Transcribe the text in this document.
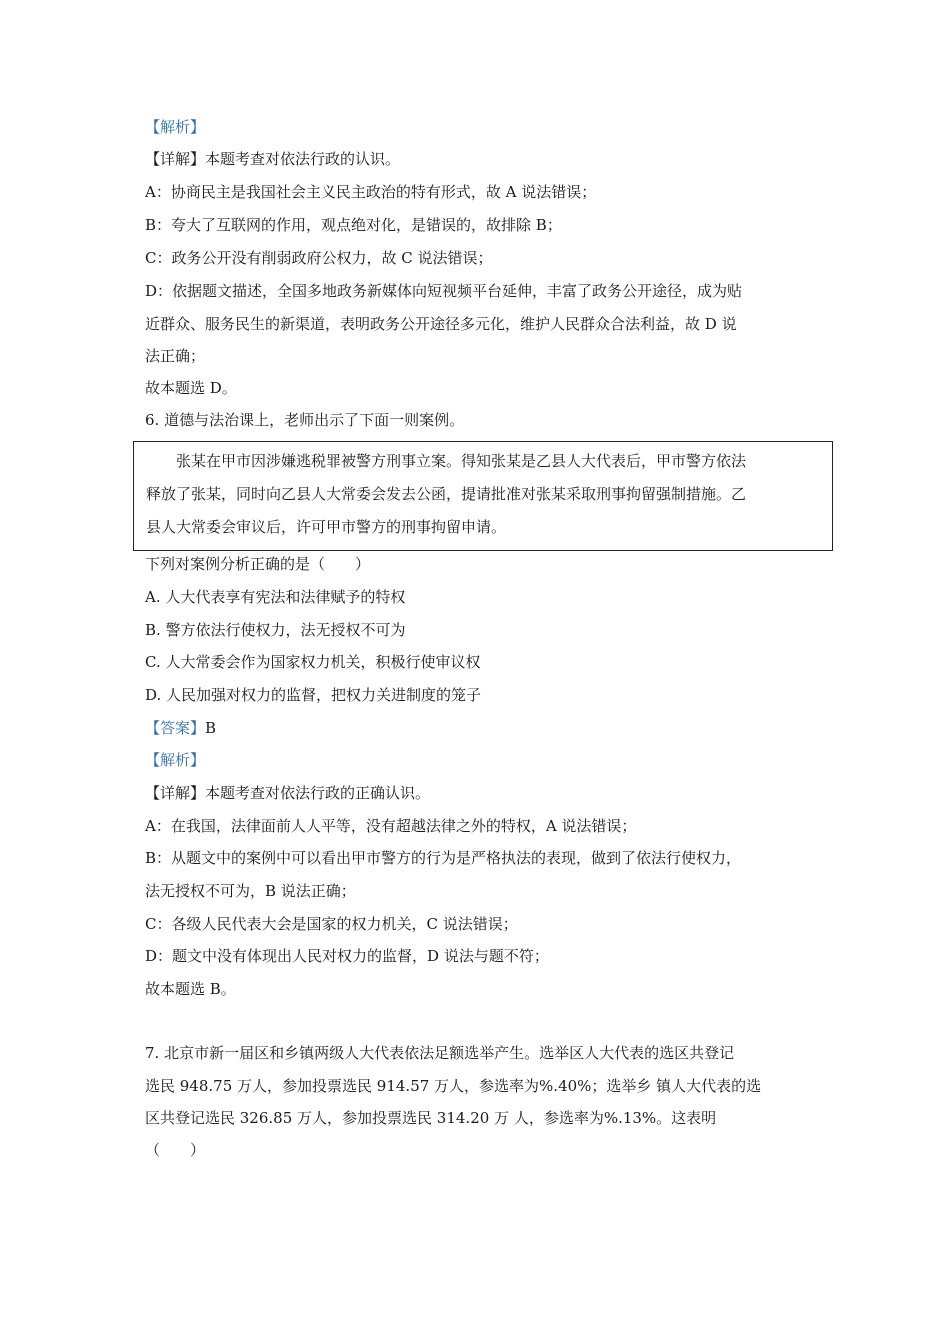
【解析】
【详解】本题考查对依法行政的认识。
A：协商民主是我国社会主义民主政治的特有形式，故 A 说法错误；
B：夸大了互联网的作用，观点绝对化，是错误的，故排除 B；
C：政务公开没有削弱政府公权力，故 C 说法错误；
D：依据题文描述，全国多地政务新媒体向短视频平台延伸，丰富了政务公开途径，成为贴
近群众、服务民生的新渠道，表明政务公开途径多元化，维护人民群众合法利益，故 D 说
法正确；
故本题选 D。
6. 道德与法治课上，老师出示了下面一则案例。
张某在甲市因涉嫌逃税罪被警方刑事立案。得知张某是乙县人大代表后，甲市警方依法
释放了张某，同时向乙县人大常委会发去公函，提请批准对张某采取刑事拘留强制措施。乙
县人大常委会审议后，许可甲市警方的刑事拘留申请。
下列对案例分析正确的是（　　）
A. 人大代表享有宪法和法律赋予的特权
B. 警方依法行使权力，法无授权不可为
C. 人大常委会作为国家权力机关，积极行使审议权
D. 人民加强对权力的监督，把权力关进制度的笼子
【答案】B
【解析】
【详解】本题考查对依法行政的正确认识。
A：在我国，法律面前人人平等，没有超越法律之外的特权，A 说法错误；
B：从题文中的案例中可以看出甲市警方的行为是严格执法的表现，做到了依法行使权力，
法无授权不可为，B 说法正确；
C：各级人民代表大会是国家的权力机关，C 说法错误；
D：题文中没有体现出人民对权力的监督，D 说法与题不符；
故本题选 B。
7. 北京市新一届区和乡镇两级人大代表依法足额选举产生。选举区人大代表的选区共登记
选民 948.75 万人，参加投票选民 914.57 万人，参选率为%.40%；选举乡 镇人大代表的选
区共登记选民 326.85 万人，参加投票选民 314.20 万 人，参选率为%.13%。这表明
（　　）
